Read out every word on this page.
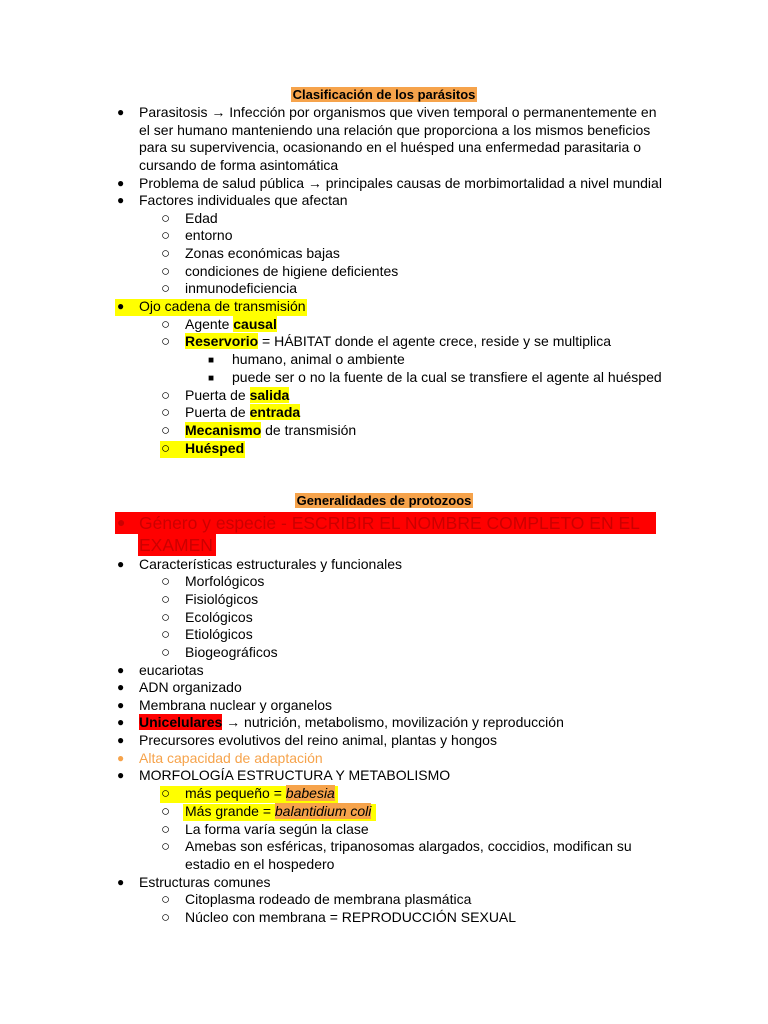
Clasificación de los parásitos
● Parasitosis → Infección por organismos que viven temporal o permanentemente en
el ser humano manteniendo una relación que proporciona a los mismos beneficios
para su supervivencia, ocasionando en el huésped una enfermedad parasitaria o
cursando de forma asintomática
● Problema de salud pública → principales causas de morbimortalidad a nivel mundial
● Factores individuales que afectan
○ Edad
○ entorno
○ Zonas económicas bajas
○ condiciones de higiene deficientes
○ inmunodeficiencia
● Ojo cadena de transmisión
○ Agente causal
○ Reservorio = HÁBITAT donde el agente crece, reside y se multiplica
■ humano, animal o ambiente
■ puede ser o no la fuente de la cual se transfiere el agente al huésped
○ Puerta de salida
○ Puerta de entrada
○ Mecanismo de transmisión
○ Huésped
Generalidades de protozoos
● Género y especie - ESCRIBIR EL NOMBRE COMPLETO EN EL
EXAMEN
● Características estructurales y funcionales
○ Morfológicos
○ Fisiológicos
○ Ecológicos
○ Etiológicos
○ Biogeográficos
● eucariotas
● ADN organizado
● Membrana nuclear y organelos
● Unicelulares → nutrición, metabolismo, movilización y reproducción
● Precursores evolutivos del reino animal, plantas y hongos
● Alta capacidad de adaptación
● MORFOLOGÍA ESTRUCTURA Y METABOLISMO
○ más pequeño = babesia
○ Más grande = balantidium coli
○ La forma varía según la clase
○ Amebas son esféricas, tripanosomas alargados, coccidios, modifican su
estadio en el hospedero
● Estructuras comunes
○ Citoplasma rodeado de membrana plasmática
○ Núcleo con membrana = REPRODUCCIÓN SEXUAL
